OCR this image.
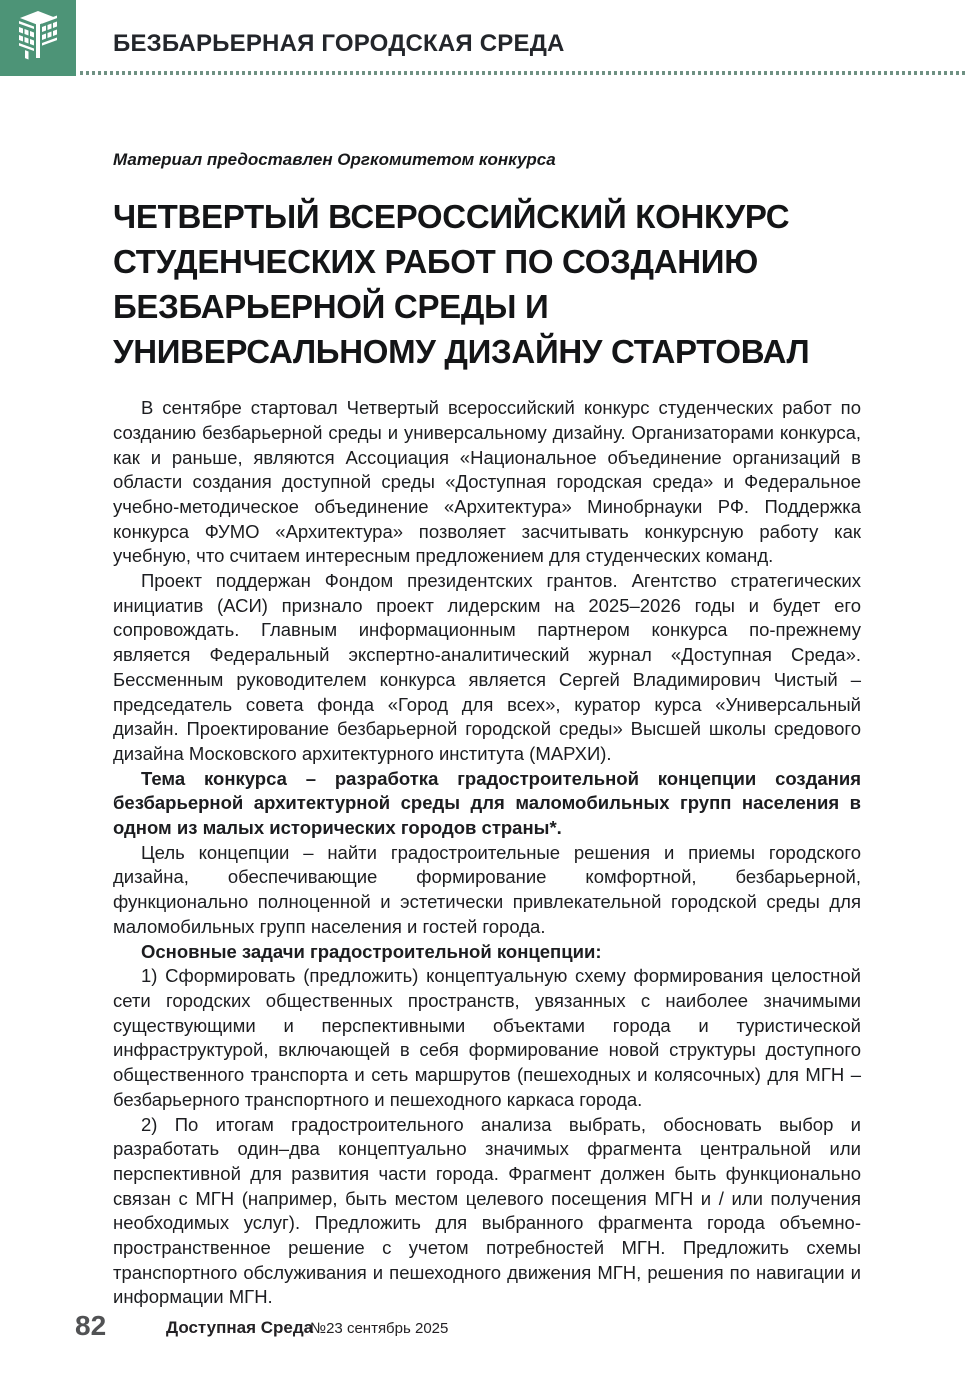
БЕЗБАРЬЕРНАЯ ГОРОДСКАЯ СРЕДА
Материал предоставлен Оргкомитетом конкурса
ЧЕТВЕРТЫЙ ВСЕРОССИЙСКИЙ КОНКУРС СТУДЕНЧЕСКИХ РАБОТ ПО СОЗДАНИЮ БЕЗБАРЬЕРНОЙ СРЕДЫ И УНИВЕРСАЛЬНОМУ ДИЗАЙНУ СТАРТОВАЛ

В сентябре стартовал Четвертый всероссийский конкурс студенческих работ по созданию безбарьерной среды и универсальному дизайну. Организаторами конкурса, как и раньше, являются Ассоциация «Национальное объединение организаций в области создания доступной среды «Доступная городская среда» и Федеральное учебно-методическое объединение «Архитектура» Минобрнауки РФ. Поддержка конкурса ФУМО «Архитектура» позволяет засчитывать конкурсную работу как учебную, что считаем интересным предложением для студенческих команд.

Проект поддержан Фондом президентских грантов. Агентство стратегических инициатив (АСИ) признало проект лидерским на 2025–2026 годы и будет его сопровождать. Главным информационным партнером конкурса по-прежнему является Федеральный экспертно-аналитический журнал «Доступная Среда». Бессменным руководителем конкурса является Сергей Владимирович Чистый – председатель совета фонда «Город для всех», куратор курса «Универсальный дизайн. Проектирование безбарьерной городской среды» Высшей школы средового дизайна Московского архитектурного института (МАРХИ).

Тема конкурса – разработка градостроительной концепции создания безбарьерной архитектурной среды для маломобильных групп населения в одном из малых исторических городов страны*.

Цель концепции – найти градостроительные решения и приемы городского дизайна, обеспечивающие формирование комфортной, безбарьерной, функционально полноценной и эстетически привлекательной городской среды для маломобильных групп населения и гостей города.

Основные задачи градостроительной концепции:

1) Сформировать (предложить) концептуальную схему формирования целостной сети городских общественных пространств, увязанных с наиболее значимыми существующими и перспективными объектами города и туристической инфраструктурой, включающей в себя формирование новой структуры доступного общественного транспорта и сеть маршрутов (пешеходных и колясочных) для МГН – безбарьерного транспортного и пешеходного каркаса города.

2) По итогам градостроительного анализа выбрать, обосновать выбор и разработать один–два концептуально значимых фрагмента центральной или перспективной для развития части города. Фрагмент должен быть функционально связан с МГН (например, быть местом целевого посещения МГН и / или получения необходимых услуг). Предложить для выбранного фрагмента города объемно-пространственное решение с учетом потребностей МГН. Предложить схемы транспортного обслуживания и пешеходного движения МГН, решения по навигации и информации МГН.

82	Доступная Среда
№23 сентябрь 2025
